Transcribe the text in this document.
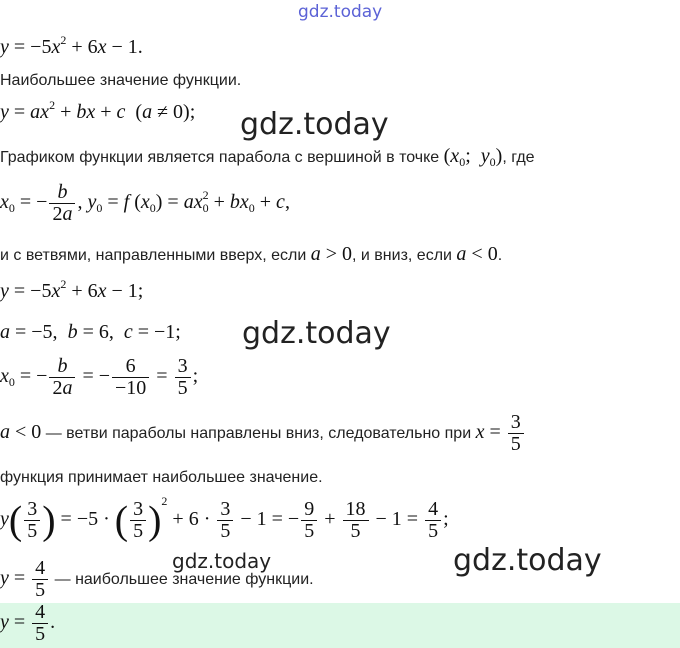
gdz.today
$y = -5x^2 + 6x - 1$.
Наибольшее значение функции.
$y = ax^2$ + bx + c  (a ≠ 0); gdz.today
Графиком функции является парабола с вершиной в точке ($x_0$;  $y_0$), где
$x_0$ = − $\frac{b}{2a}$ , $y_0 = f$ $(x_0) = ax^2_0 + bx_0 + c$,
и с ветвями, направленными вверх, если a > 0, и вниз, если a < 0.
$y = -5x^2 + 6x - 1$;
a = −5,  b = 6,  c = −1; gdz.today
$x_0$ = − $\frac{b}{2a}$ = − $\frac{6}{-10} = \frac{3}{5}$ ;
a < 0 — ветви параболы направлены вниз, следовательно при $x = \frac{3}{5}$
функция принимает наибольшее значение.
$y( \frac{3}{5}$ ) = −5 · ( $\frac{3}{5} )^2 + 6 \cdot \frac{3}{5} - 1$ = − $\frac{9}{5} + \frac{18}{5} - 1 = \frac{4}{5}$ ;
gdz.today	gdz.today
$y = \frac{4}{5}$ — наибольшее значение функции.
$y = \frac{4}{5}$ .
